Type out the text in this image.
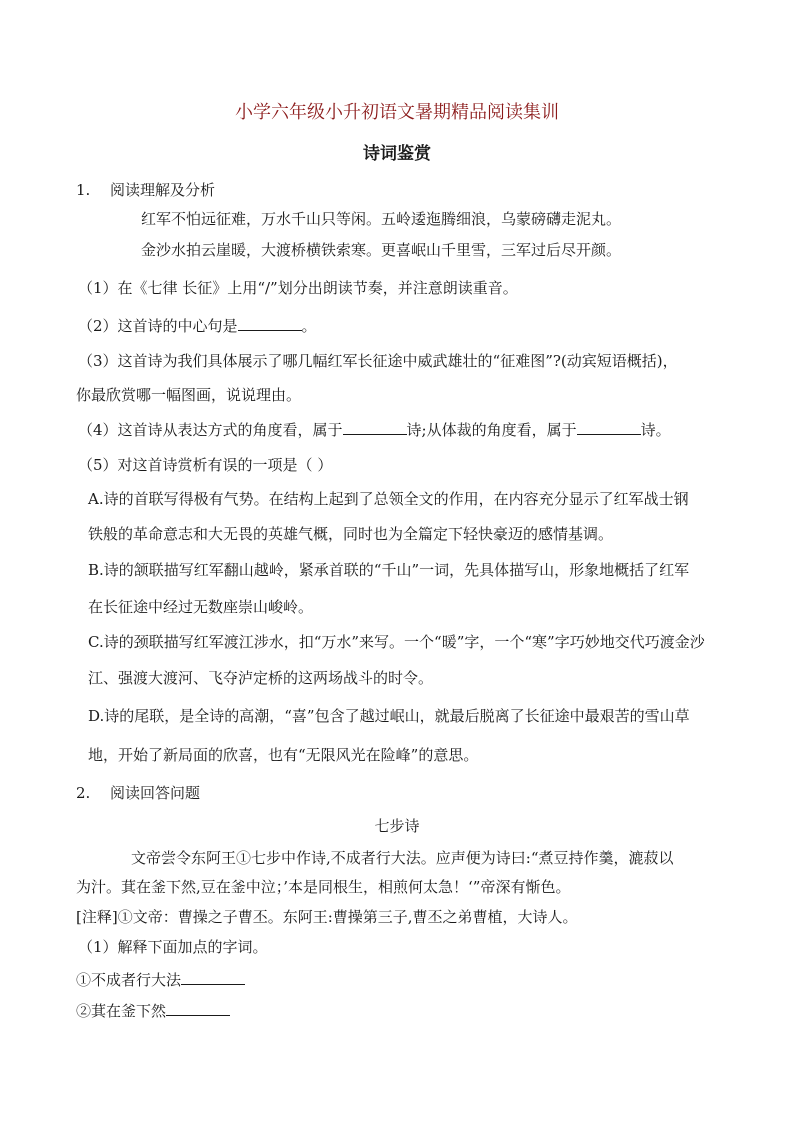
小学六年级小升初语文暑期精品阅读集训
诗词鉴赏
1. 阅读理解及分析
红军不怕远征难，万水千山只等闲。五岭逶迤腾细浪，乌蒙磅礴走泥丸。
金沙水拍云崖暖，大渡桥横铁索寒。更喜岷山千里雪，三军过后尽开颜。
（1）在《七律 长征》上用“/”划分出朗读节奏，并注意朗读重音。
（2）这首诗的中心句是	。
（3）这首诗为我们具体展示了哪几幅红军长征途中威武雄壮的“征难图”?(动宾短语概括)，
你最欣赏哪一幅图画，说说理由。
（4）这首诗从表达方式的角度看，属于	诗;从体裁的角度看，属于	诗。
（5）对这首诗赏析有误的一项是（ ）
A.诗的首联写得极有气势。在结构上起到了总领全文的作用，在内容充分显示了红军战士钢
铁般的革命意志和大无畏的英雄气概，同时也为全篇定下轻快豪迈的感情基调。
B.诗的颔联描写红军翻山越岭，紧承首联的“千山”一词，先具体描写山，形象地概括了红军
在长征途中经过无数座崇山峻岭。
C.诗的颈联描写红军渡江涉水，扣“万水”来写。一个“暖”字，一个“寒”字巧妙地交代巧渡金沙
江、强渡大渡河、飞夺泸定桥的这两场战斗的时令。
D.诗的尾联，是全诗的高潮，“喜”包含了越过岷山，就最后脱离了长征途中最艰苦的雪山草
地，开始了新局面的欣喜，也有“无限风光在险峰”的意思。
2. 阅读回答问题
七步诗
文帝尝令东阿王①七步中作诗,不成者行大法。应声便为诗曰:“煮豆持作羹，漉菽以
为汁。萁在釜下然,豆在釜中泣；’本是同根生，相煎何太急！‘”帝深有惭色。
[注释]①文帝：曹操之子曹丕。东阿王:曹操第三子,曹丕之弟曹植，大诗人。
（1）解释下面加点的字词。
①不成者行大法
②萁在釜下然
